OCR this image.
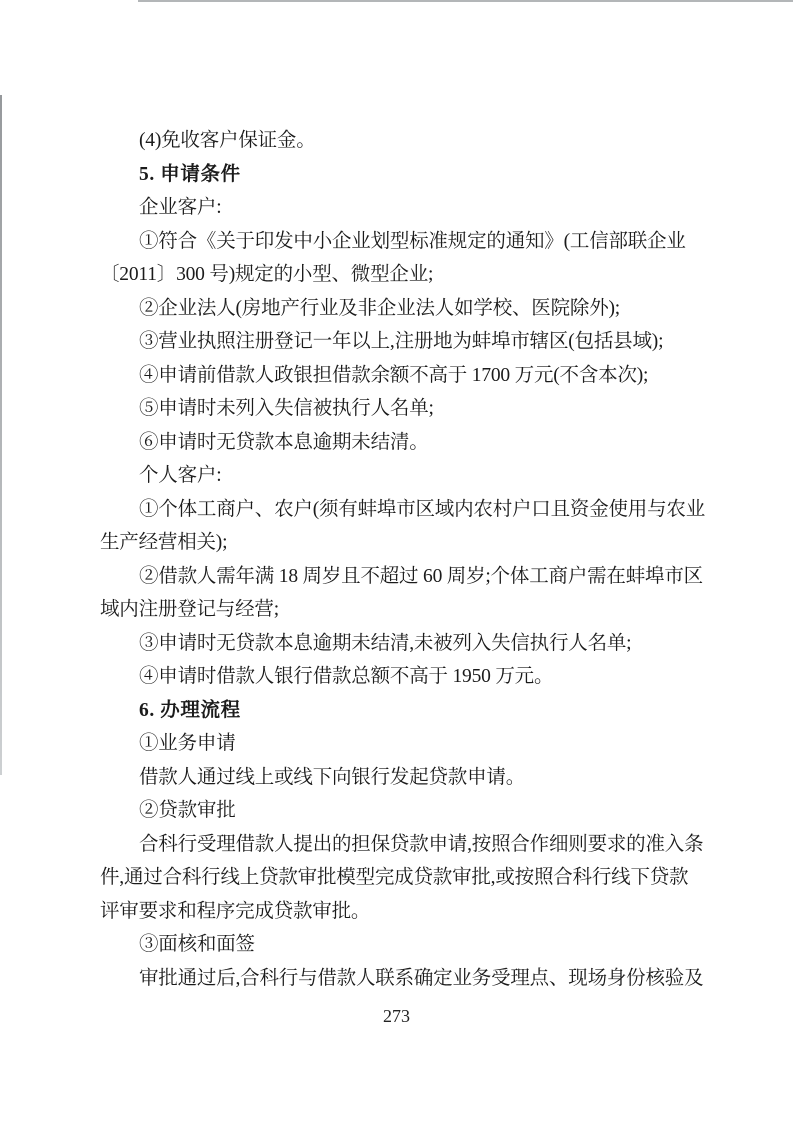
(4)免收客户保证金。
5. 申请条件
企业客户:
①符合《关于印发中小企业划型标准规定的通知》(工信部联企业
〔2011〕300 号)规定的小型、微型企业;
②企业法人(房地产行业及非企业法人如学校、医院除外);
③营业执照注册登记一年以上,注册地为蚌埠市辖区(包括县域);
④申请前借款人政银担借款余额不高于 1700 万元(不含本次);
⑤申请时未列入失信被执行人名单;
⑥申请时无贷款本息逾期未结清。
个人客户:
①个体工商户、农户(须有蚌埠市区域内农村户口且资金使用与农业
生产经营相关);
②借款人需年满 18 周岁且不超过 60 周岁;个体工商户需在蚌埠市区
域内注册登记与经营;
③申请时无贷款本息逾期未结清,未被列入失信执行人名单;
④申请时借款人银行借款总额不高于 1950 万元。
6. 办理流程
①业务申请
借款人通过线上或线下向银行发起贷款申请。
②贷款审批
合科行受理借款人提出的担保贷款申请,按照合作细则要求的准入条
件,通过合科行线上贷款审批模型完成贷款审批,或按照合科行线下贷款
评审要求和程序完成贷款审批。
③面核和面签
审批通过后,合科行与借款人联系确定业务受理点、现场身份核验及
273
